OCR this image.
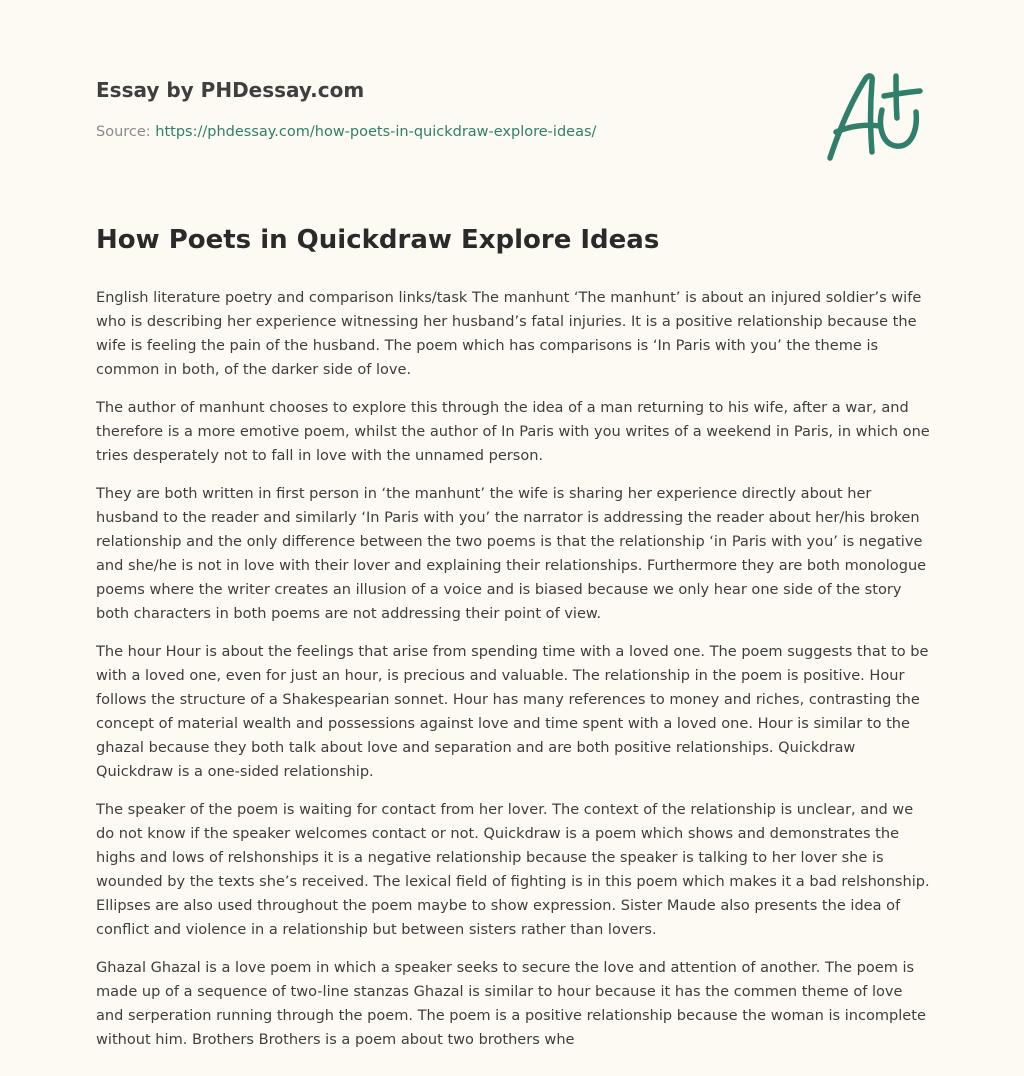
Essay by PHDessay.com
Source: https://phdessay.com/how-poets-in-quickdraw-explore-ideas/
How Poets in Quickdraw Explore Ideas

English literature poetry and comparison links/task The manhunt ‘The manhunt’ is about an injured soldier’s wife who is describing her experience witnessing her husband’s fatal injuries. It is a positive relationship because the wife is feeling the pain of the husband. The poem which has comparisons is ‘In Paris with you’ the theme is common in both, of the darker side of love.

The author of manhunt chooses to explore this through the idea of a man returning to his wife, after a war, and therefore is a more emotive poem, whilst the author of In Paris with you writes of a weekend in Paris, in which one tries desperately not to fall in love with the unnamed person.

They are both written in first person in ‘the manhunt’ the wife is sharing her experience directly about her husband to the reader and similarly ‘In Paris with you’ the narrator is addressing the reader about her/his broken relationship and the only difference between the two poems is that the relationship ‘in Paris with you’ is negative and she/he is not in love with their lover and explaining their relationships. Furthermore they are both monologue poems where the writer creates an illusion of a voice and is biased because we only hear one side of the story both characters in both poems are not addressing their point of view.

The hour Hour is about the feelings that arise from spending time with a loved one. The poem suggests that to be with a loved one, even for just an hour, is precious and valuable. The relationship in the poem is positive. Hour follows the structure of a Shakespearian sonnet. Hour has many references to money and riches, contrasting the concept of material wealth and possessions against love and time spent with a loved one. Hour is similar to the ghazal because they both talk about love and separation and are both positive relationships. Quickdraw Quickdraw is a one-sided relationship.

The speaker of the poem is waiting for contact from her lover. The context of the relationship is unclear, and we do not know if the speaker welcomes contact or not. Quickdraw is a poem which shows and demonstrates the highs and lows of relshonships it is a negative relationship because the speaker is talking to her lover she is wounded by the texts she’s received. The lexical field of fighting is in this poem which makes it a bad relshonship. Ellipses are also used throughout the poem maybe to show expression. Sister Maude also presents the idea of conflict and violence in a relationship but between sisters rather than lovers.

Ghazal Ghazal is a love poem in which a speaker seeks to secure the love and attention of another. The poem is made up of a sequence of two-line stanzas Ghazal is similar to hour because it has the commen theme of love and serperation running through the poem. The poem is a positive relationship because the woman is incomplete without him. Brothers Brothers is a poem about two brothers whe
